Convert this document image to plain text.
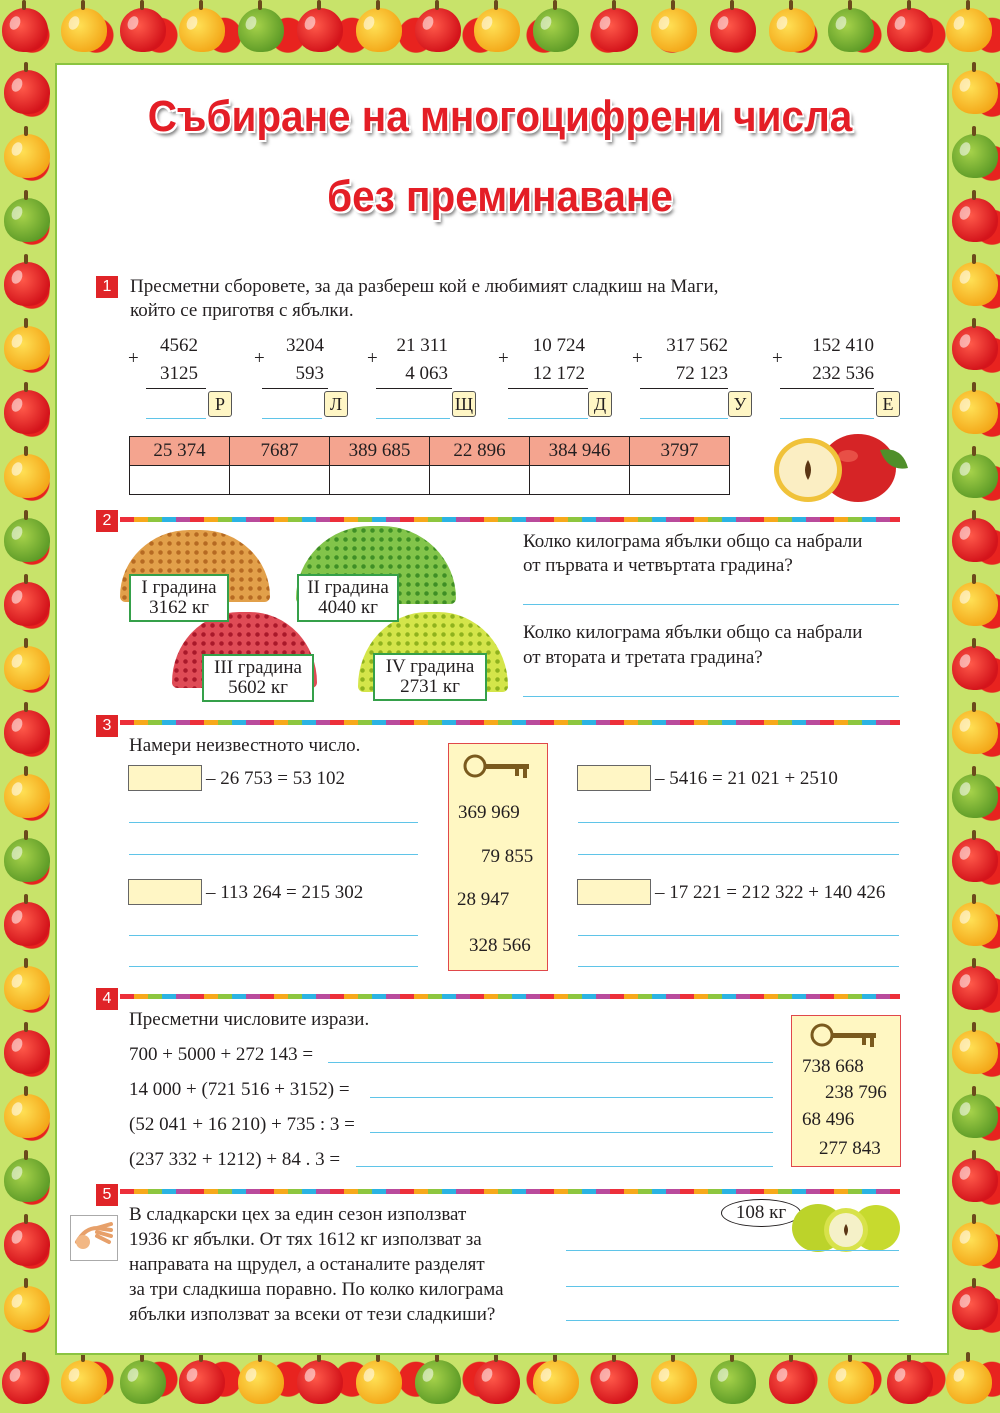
Събиране на многоцифрени числа
без преминаване
1 Пресметни сборовете, за да разбереш кой е любимият сладкиш на Маги,
който се приготвя с ябълки.
+
4562
3125
Р
+
3204
593
Л
+
21 311
4 063
Щ
+
10 724
12 172
Д
+
317 562
72 123
У
+
152 410
232 536
Е
25 374	7687	389 685	22 896	384 946	3797

2
I градина
3162 кг
II градина
4040 кг
III градина
5602 кг
IV градина
2731 кг
Колко килограма ябълки общо са набрали
от първата и четвъртата градина?
Колко килограма ябълки общо са набрали
от втората и третата градина?
3
Намери неизвестното число.
– 26 753 = 53 102
– 113 264 = 215 302
369 969
79 855
28 947
328 566
– 5416 = 21 021 + 2510
– 17 221 = 212 322 + 140 426
4
Пресметни числовите изрази.
700 + 5000 + 272 143 =
14 000 + (721 516 + 3152) =
(52 041 + 16 210) + 735 : 3 =
(237 332 + 1212) + 84 . 3 =
738 668
238 796
68 496
277 843
5
В сладкарски цех за един сезон използват
1936 кг ябълки. От тях 1612 кг използват за
направата на щрудел, а останалите разделят
за три сладкиша поравно. По колко килограма
ябълки използват за всеки от тези сладкиши?
108 кг
